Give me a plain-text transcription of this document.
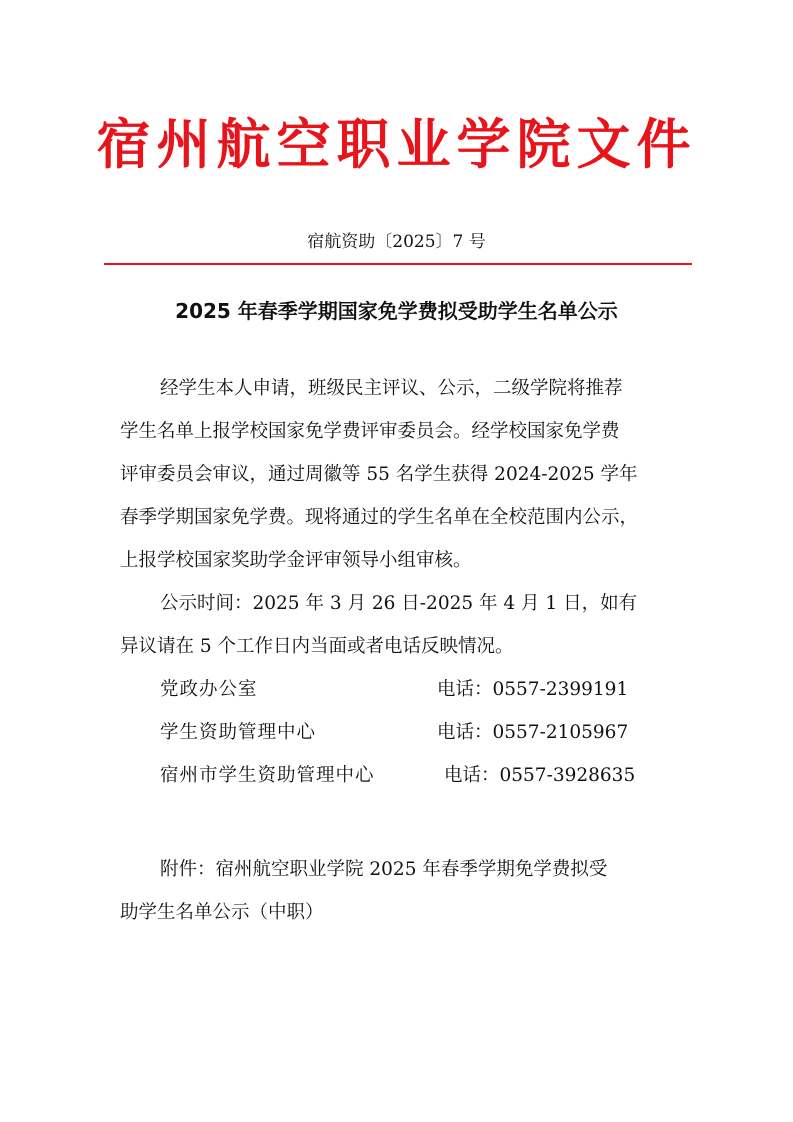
宿州航空职业学院文件
宿航资助〔2025〕7 号
2025 年春季学期国家免学费拟受助学生名单公示
经学生本人申请，班级民主评议、公示，二级学院将推荐
学生名单上报学校国家免学费评审委员会。经学校国家免学费
评审委员会审议，通过周徽等 55 名学生获得 2024-2025 学年
春季学期国家免学费。现将通过的学生名单在全校范围内公示，
上报学校国家奖助学金评审领导小组审核。
公示时间：2025 年 3 月 26 日-2025 年 4 月 1 日，如有
异议请在 5 个工作日内当面或者电话反映情况。
党政办公室	电话：0557-2399191
学生资助管理中心	电话：0557-2105967
宿州市学生资助管理中心	电话：0557-3928635
附件：宿州航空职业学院 2025 年春季学期免学费拟受
助学生名单公示（中职）
